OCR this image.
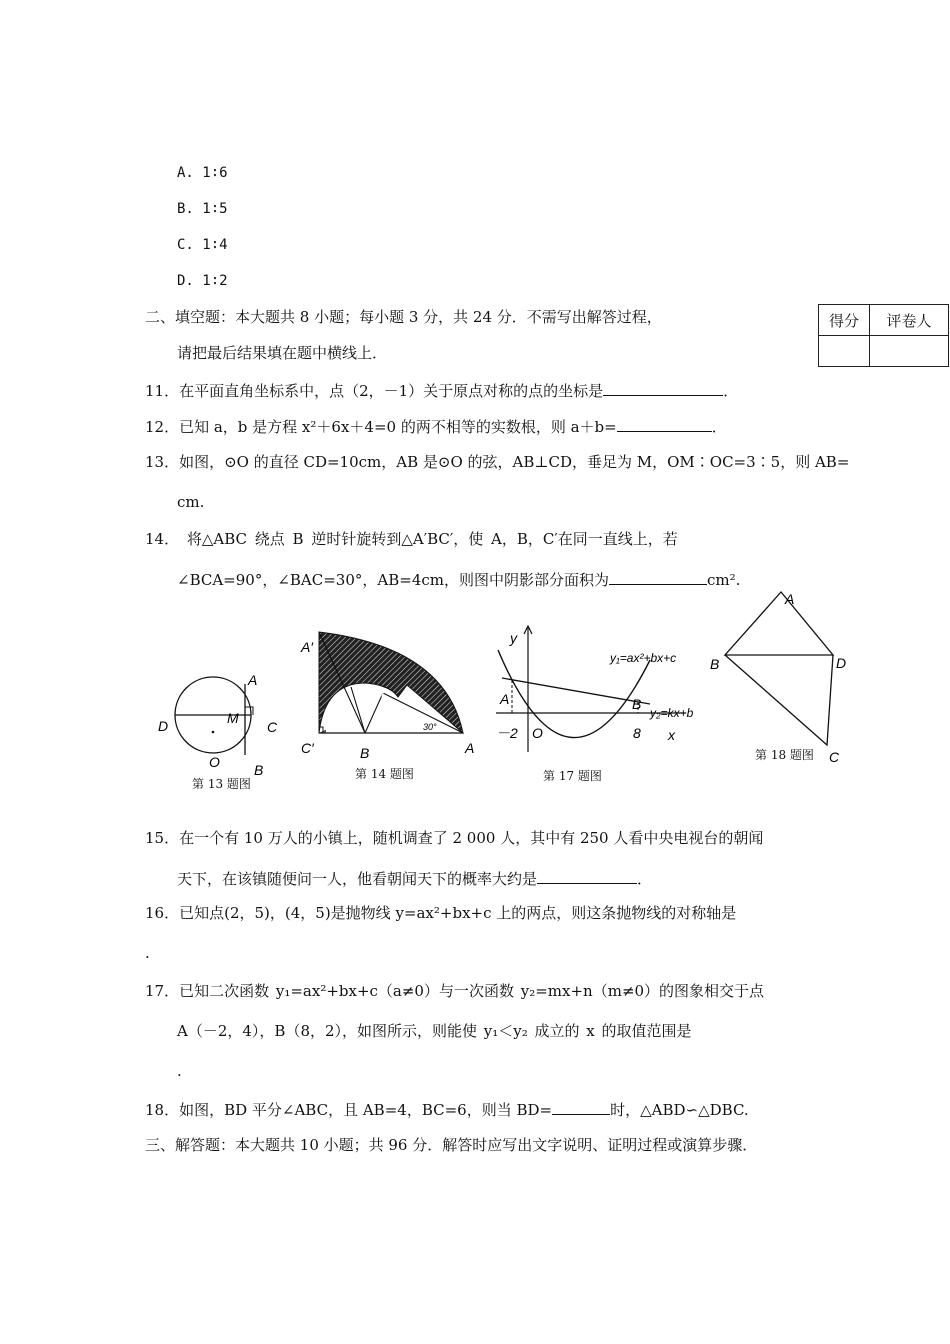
A. 1∶6
B. 1∶5
C. 1∶4
D. 1∶2
二、填空题：本大题共 8 小题；每小题 3 分，共 24 分．不需写出解答过程，
请把最后结果填在题中横线上．
得分	评卷人

11．在平面直角坐标系中，点（2，－1）关于原点对称的点的坐标是	．
12．已知 a，b 是方程 x²＋6x＋4=0 的两不相等的实数根，则 a＋b=	．
13．如图，⊙O 的直径 CD=10cm，AB 是⊙O 的弦，AB⊥CD，垂足为 M，OM∶OC=3∶5，则 AB=
cm.
14． 将△ABC 绕点 B 逆时针旋转到△A′BC′，使 A，B，C′在同一直线上，若
∠BCA=90°，∠BAC=30°，AB=4cm，则图中阴影部分面积为	cm².
A
B
C
D	M
O
第 13 题图
A′
C′	B	A
C
30°
第 14 题图
y
x
O
A	B
－2	8
y₁=ax²+bx+c
y₂=kx+b
第 17 题图
A
B	D
C
第 18 题图
15．在一个有 10 万人的小镇上，随机调查了 2 000 人，其中有 250 人看中央电视台的朝闻
天下，在该镇随便问一人，他看朝闻天下的概率大约是	．
16．已知点(2，5)，(4，5)是抛物线 y=ax²+bx+c 上的两点，则这条抛物线的对称轴是
.
17．已知二次函数 y₁=ax²+bx+c（a≠0）与一次函数 y₂=mx+n（m≠0）的图象相交于点
A（－2，4），B（8，2），如图所示，则能使 y₁＜y₂ 成立的 x 的取值范围是
.
18．如图，BD 平分∠ABC，且 AB=4，BC=6，则当 BD=	时，△ABD∽△DBC.
三、解答题：本大题共 10 小题；共 96 分．解答时应写出文字说明、证明过程或演算步骤．
